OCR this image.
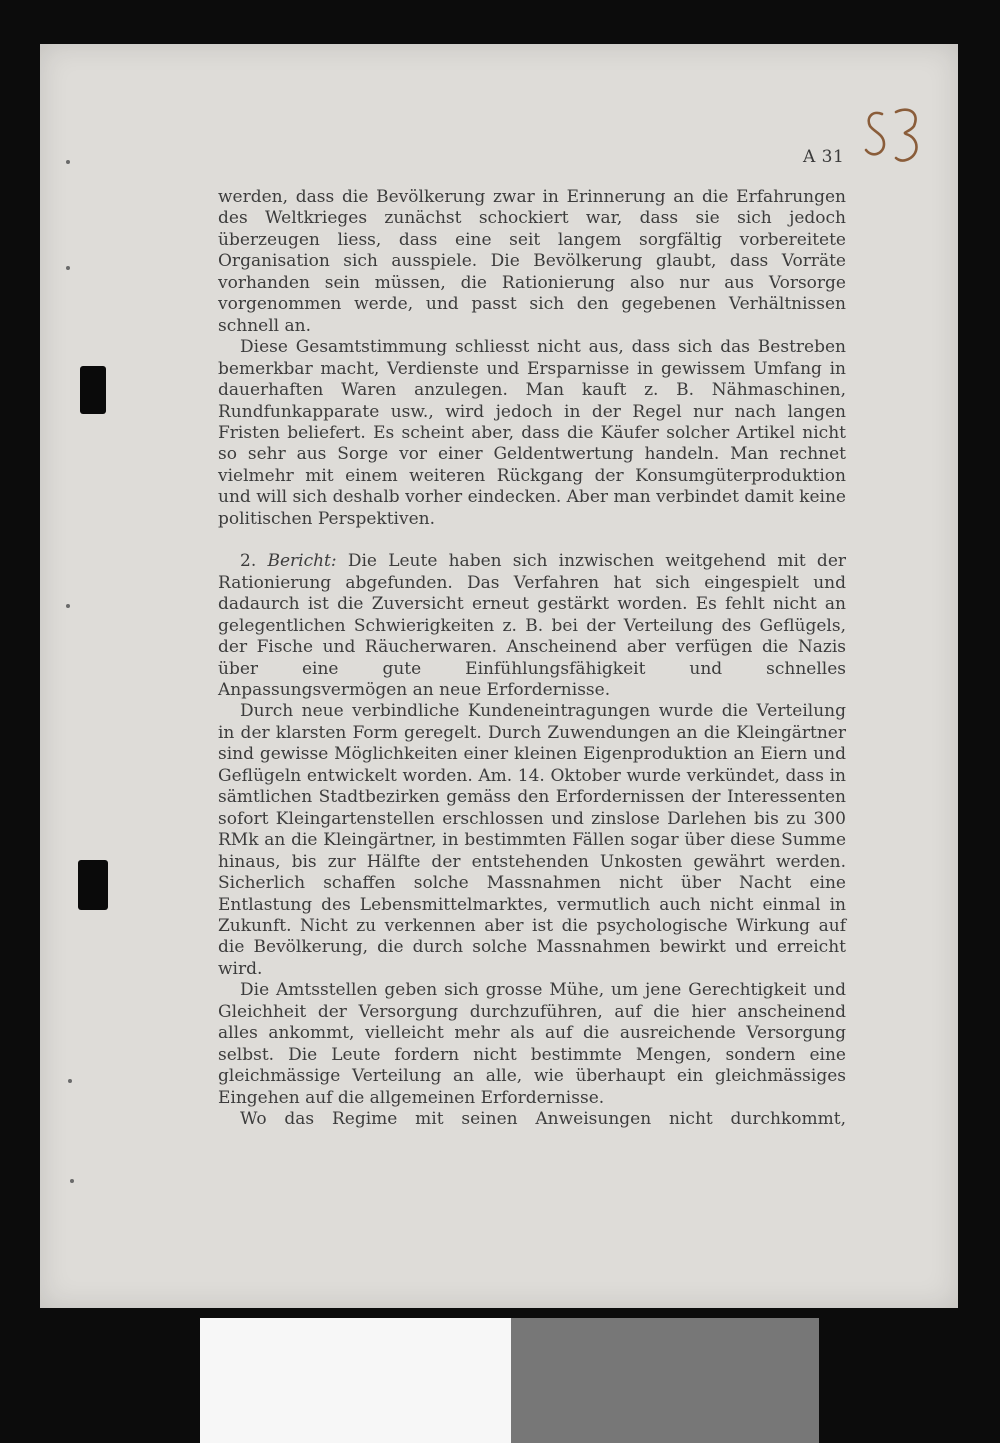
A 31

werden, dass die Bevölkerung zwar in Erinnerung an die Erfahrungen des Weltkrieges zunächst schockiert war, dass sie sich jedoch überzeugen liess, dass eine seit langem sorgfältig vorbereitete Organisation sich ausspiele. Die Bevölkerung glaubt, dass Vorräte vorhanden sein müssen, die Rationierung also nur aus Vorsorge vorgenommen werde, und passt sich den gegebenen Verhältnissen schnell an.

Diese Gesamtstimmung schliesst nicht aus, dass sich das Bestreben bemerkbar macht, Verdienste und Ersparnisse in gewissem Umfang in dauerhaften Waren anzulegen. Man kauft z. B. Nähmaschinen, Rundfunkapparate usw., wird jedoch in der Regel nur nach langen Fristen beliefert. Es scheint aber, dass die Käufer solcher Artikel nicht so sehr aus Sorge vor einer Geldentwertung handeln. Man rechnet vielmehr mit einem weiteren Rückgang der Konsumgüterproduktion und will sich deshalb vorher eindecken. Aber man verbindet damit keine politischen Perspektiven.

2. Bericht: Die Leute haben sich inzwischen weitgehend mit der Rationierung abgefunden. Das Verfahren hat sich eingespielt und dadaurch ist die Zuversicht erneut gestärkt worden. Es fehlt nicht an gelegentlichen Schwierigkeiten z. B. bei der Verteilung des Geflügels, der Fische und Räucherwaren. Anscheinend aber verfügen die Nazis über eine gute Einfühlungsfähigkeit und schnelles Anpassungsvermögen an neue Erfordernisse.

Durch neue verbindliche Kundeneintragungen wurde die Verteilung in der klarsten Form geregelt. Durch Zuwendungen an die Kleingärtner sind gewisse Möglichkeiten einer kleinen Eigenproduktion an Eiern und Geflügeln entwickelt worden. Am. 14. Oktober wurde verkündet, dass in sämtlichen Stadtbezirken gemäss den Erfordernissen der Interessenten sofort Kleingartenstellen erschlossen und zinslose Darlehen bis zu 300 RMk an die Kleingärtner, in bestimmten Fällen sogar über diese Summe hinaus, bis zur Hälfte der entstehenden Unkosten gewährt werden. Sicherlich schaffen solche Massnahmen nicht über Nacht eine Entlastung des Lebensmittelmarktes, vermutlich auch nicht einmal in Zukunft. Nicht zu verkennen aber ist die psychologische Wirkung auf die Bevölkerung, die durch solche Massnahmen bewirkt und erreicht wird.

Die Amtsstellen geben sich grosse Mühe, um jene Gerechtigkeit und Gleichheit der Versorgung durchzuführen, auf die hier anscheinend alles ankommt, vielleicht mehr als auf die ausreichende Versorgung selbst. Die Leute fordern nicht bestimmte Mengen, sondern eine gleichmässige Verteilung an alle, wie überhaupt ein gleichmässiges Eingehen auf die allgemeinen Erfordernisse.

Wo das Regime mit seinen Anweisungen nicht durchkommt,
